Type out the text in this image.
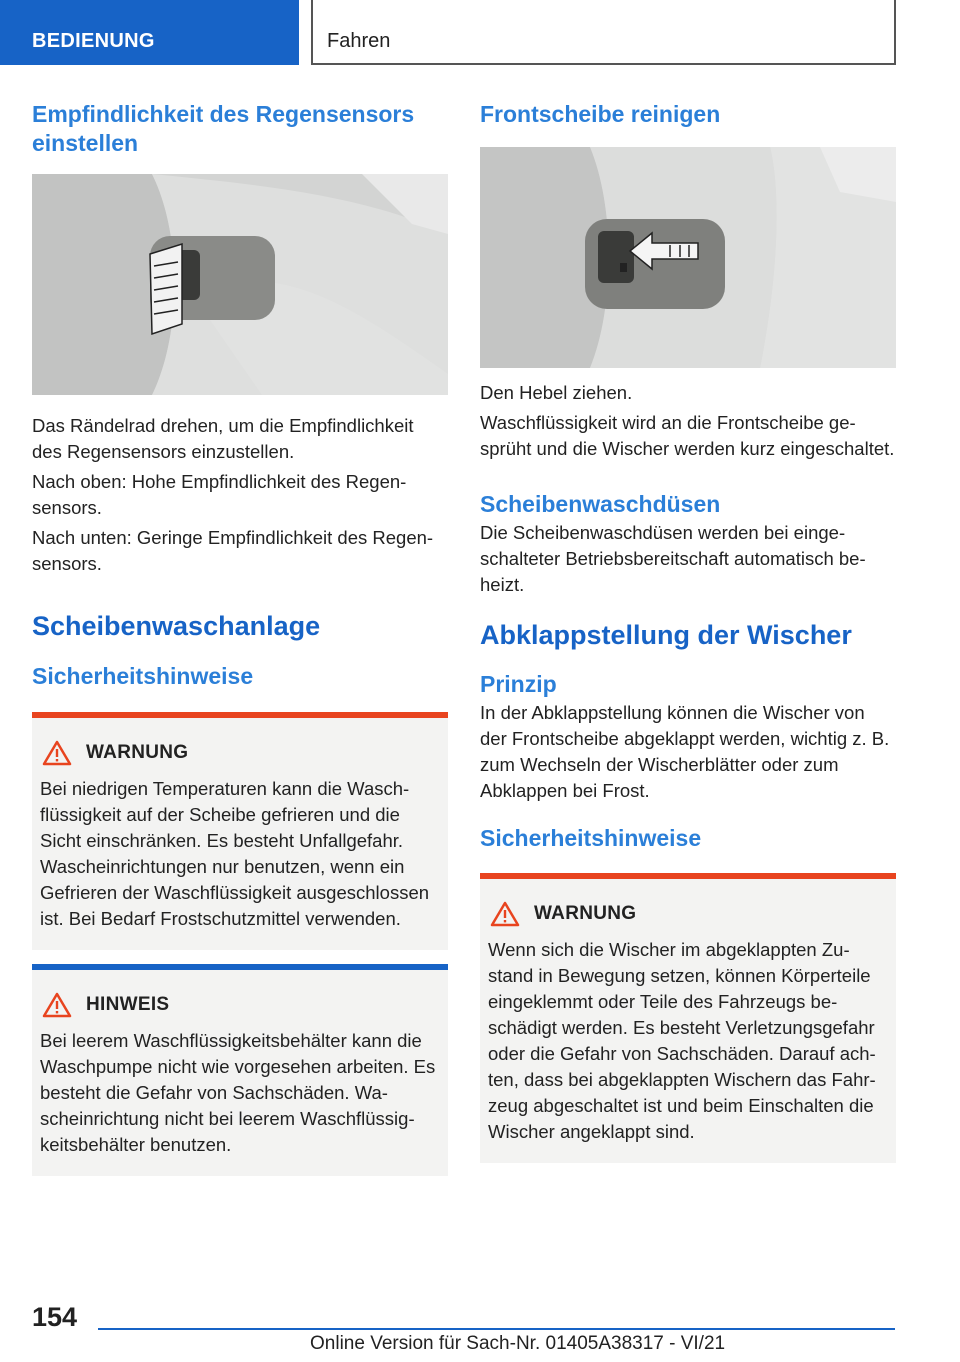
BEDIENUNG	Fahren
Empfindlichkeit des Regensensors einstellen

Das Rändelrad drehen, um die Empfindlichkeit des Regensensors einzustellen.

Nach oben: Hohe Empfindlichkeit des Regensensors.

Nach unten: Geringe Empfindlichkeit des Regensensors.

Scheibenwaschanlage
Sicherheitshinweise
WARNUNG
Bei niedrigen Temperaturen kann die Waschflüssigkeit auf der Scheibe gefrieren und die Sicht einschränken. Es besteht Unfallgefahr. Wascheinrichtungen nur benutzen, wenn ein Gefrieren der Waschflüssigkeit ausgeschlossen ist. Bei Bedarf Frostschutzmittel verwenden.
HINWEIS
Bei leerem Waschflüssigkeitsbehälter kann die Waschpumpe nicht wie vorgesehen arbeiten. Es besteht die Gefahr von Sachschäden. Wascheinrichtung nicht bei leerem Waschflüssigkeitsbehälter benutzen.
Frontscheibe reinigen

Den Hebel ziehen.

Waschflüssigkeit wird an die Frontscheibe gesprüht und die Wischer werden kurz eingeschaltet.

Scheibenwaschdüsen

Die Scheibenwaschdüsen werden bei eingeschalteter Betriebsbereitschaft automatisch beheizt.

Abklappstellung der Wischer
Prinzip

In der Abklappstellung können die Wischer von der Frontscheibe abgeklappt werden, wichtig z. B. zum Wechseln der Wischerblätter oder zum Abklappen bei Frost.

Sicherheitshinweise
WARNUNG
Wenn sich die Wischer im abgeklappten Zustand in Bewegung setzen, können Körperteile eingeklemmt oder Teile des Fahrzeugs beschädigt werden. Es besteht Verletzungsgefahr oder die Gefahr von Sachschäden. Darauf achten, dass bei abgeklappten Wischern das Fahrzeug abgeschaltet ist und beim Einschalten die Wischer angeklappt sind.
154
Online Version für Sach-Nr. 01405A38317 - VI/21
